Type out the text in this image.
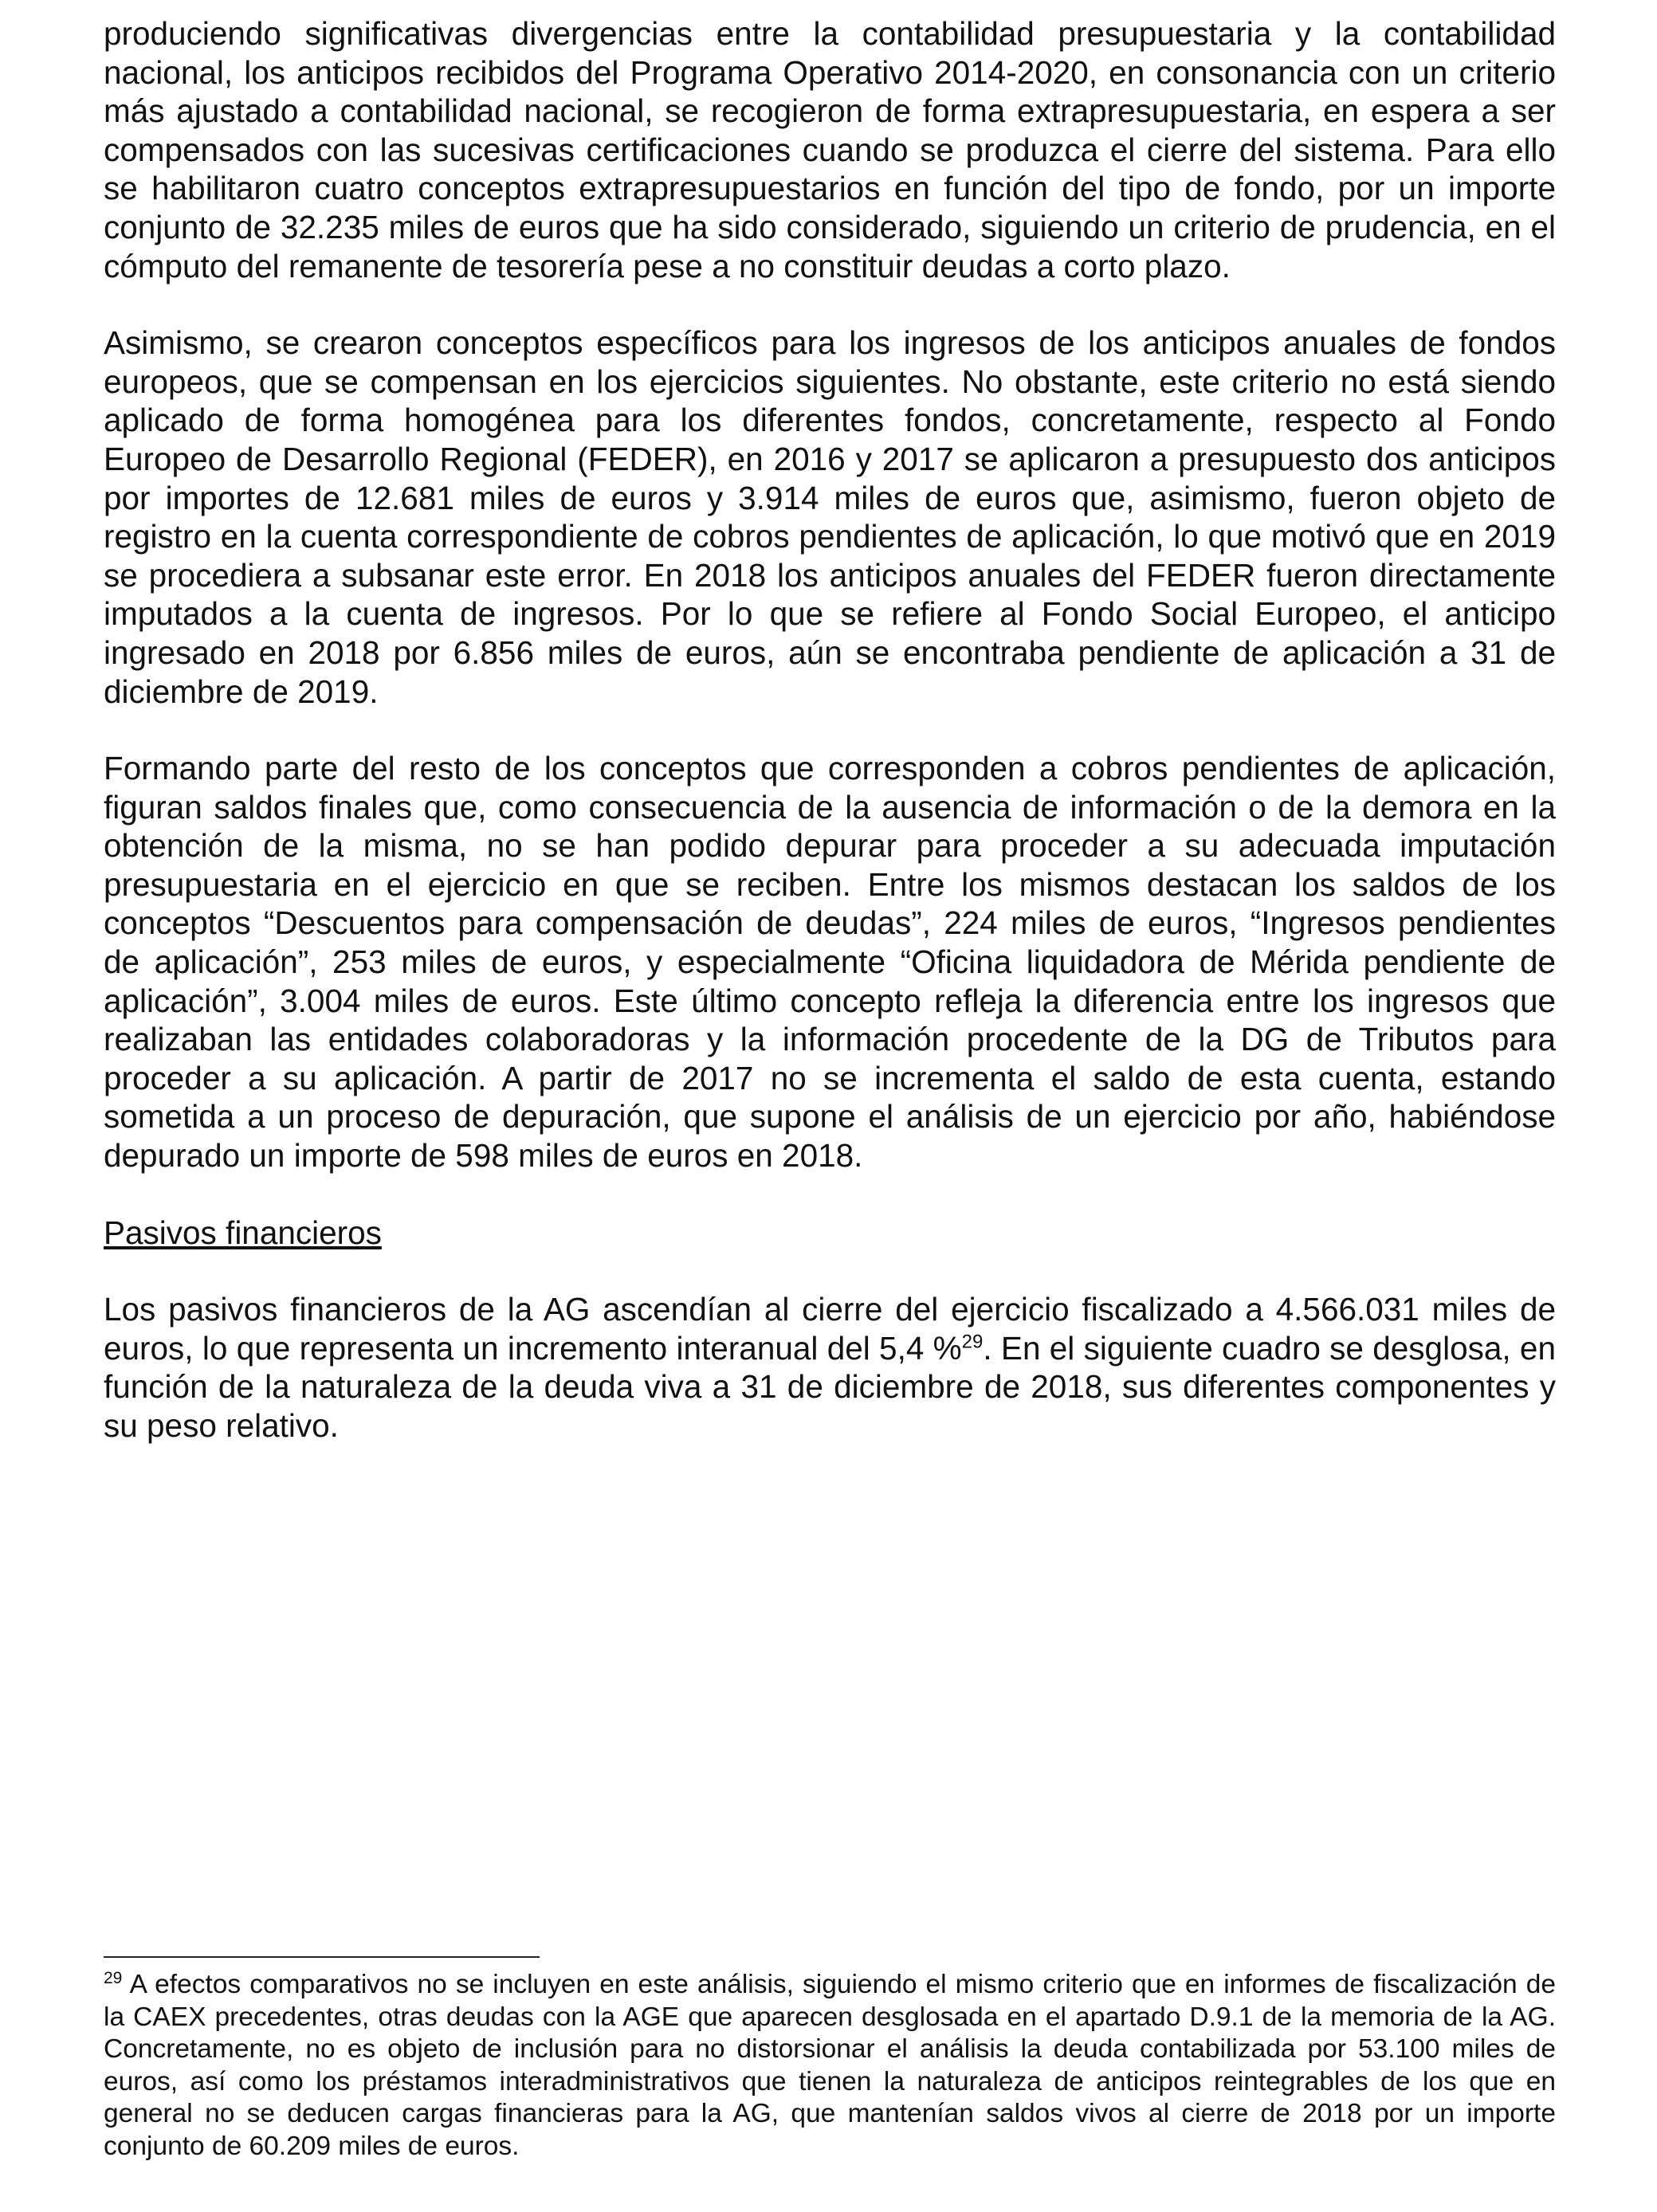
produciendo significativas divergencias entre la contabilidad presupuestaria y la contabilidad nacional, los anticipos recibidos del Programa Operativo 2014-2020, en consonancia con un criterio más ajustado a contabilidad nacional, se recogieron de forma extrapresupuestaria, en espera a ser compensados con las sucesivas certificaciones cuando se produzca el cierre del sistema. Para ello se habilitaron cuatro conceptos extrapresupuestarios en función del tipo de fondo, por un importe conjunto de 32.235 miles de euros que ha sido considerado, siguiendo un criterio de prudencia, en el cómputo del remanente de tesorería pese a no constituir deudas a corto plazo.

Asimismo, se crearon conceptos específicos para los ingresos de los anticipos anuales de fondos europeos, que se compensan en los ejercicios siguientes. No obstante, este criterio no está siendo aplicado de forma homogénea para los diferentes fondos, concretamente, respecto al Fondo Europeo de Desarrollo Regional (FEDER), en 2016 y 2017 se aplicaron a presupuesto dos anticipos por importes de 12.681 miles de euros y 3.914 miles de euros que, asimismo, fueron objeto de registro en la cuenta correspondiente de cobros pendientes de aplicación, lo que motivó que en 2019 se procediera a subsanar este error. En 2018 los anticipos anuales del FEDER fueron directamente imputados a la cuenta de ingresos. Por lo que se refiere al Fondo Social Europeo, el anticipo ingresado en 2018 por 6.856 miles de euros, aún se encontraba pendiente de aplicación a 31 de diciembre de 2019.

Formando parte del resto de los conceptos que corresponden a cobros pendientes de aplicación, figuran saldos finales que, como consecuencia de la ausencia de información o de la demora en la obtención de la misma, no se han podido depurar para proceder a su adecuada imputación presupuestaria en el ejercicio en que se reciben. Entre los mismos destacan los saldos de los conceptos “Descuentos para compensación de deudas”, 224 miles de euros, “Ingresos pendientes de aplicación”, 253 miles de euros, y especialmente “Oficina liquidadora de Mérida pendiente de aplicación”, 3.004 miles de euros. Este último concepto refleja la diferencia entre los ingresos que realizaban las entidades colaboradoras y la información procedente de la DG de Tributos para proceder a su aplicación. A partir de 2017 no se incrementa el saldo de esta cuenta, estando sometida a un proceso de depuración, que supone el análisis de un ejercicio por año, habiéndose depurado un importe de 598 miles de euros en 2018.

Pasivos financieros

Los pasivos financieros de la AG ascendían al cierre del ejercicio fiscalizado a 4.566.031 miles de euros, lo que representa un incremento interanual del 5,4 %$^{29}$. En el siguiente cuadro se desglosa, en función de la naturaleza de la deuda viva a 31 de diciembre de 2018, sus diferentes componentes y su peso relativo.

$^{29}$ A efectos comparativos no se incluyen en este análisis, siguiendo el mismo criterio que en informes de fiscalización de la CAEX precedentes, otras deudas con la AGE que aparecen desglosada en el apartado D.9.1 de la memoria de la AG. Concretamente, no es objeto de inclusión para no distorsionar el análisis la deuda contabilizada por 53.100 miles de euros, así como los préstamos interadministrativos que tienen la naturaleza de anticipos reintegrables de los que en general no se deducen cargas financieras para la AG, que mantenían saldos vivos al cierre de 2018 por un importe conjunto de 60.209 miles de euros.
